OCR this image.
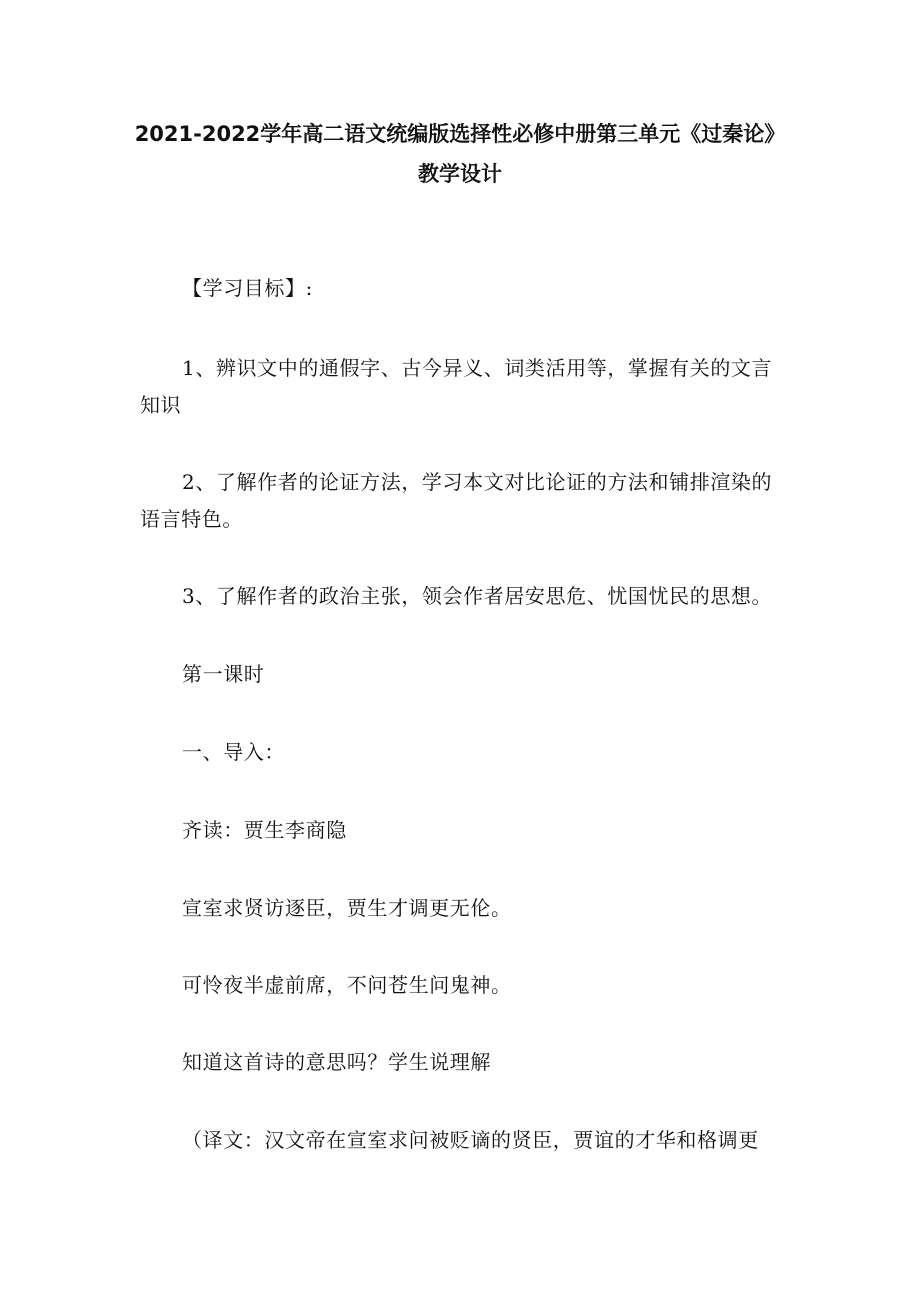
2021-2022学年高二语文统编版选择性必修中册第三单元《过秦论》
教学设计
【学习目标】:
1、辨识文中的通假字、古今异义、词类活用等，掌握有关的文言知识
2、了解作者的论证方法，学习本文对比论证的方法和铺排渲染的语言特色。
3、了解作者的政治主张，领会作者居安思危、忧国忧民的思想。
第一课时
一、导入：
齐读：贾生李商隐
宣室求贤访逐臣，贾生才调更无伦。
可怜夜半虚前席，不问苍生问鬼神。
知道这首诗的意思吗？学生说理解
（译文：汉文帝在宣室求问被贬谪的贤臣，贾谊的才华和格调更
